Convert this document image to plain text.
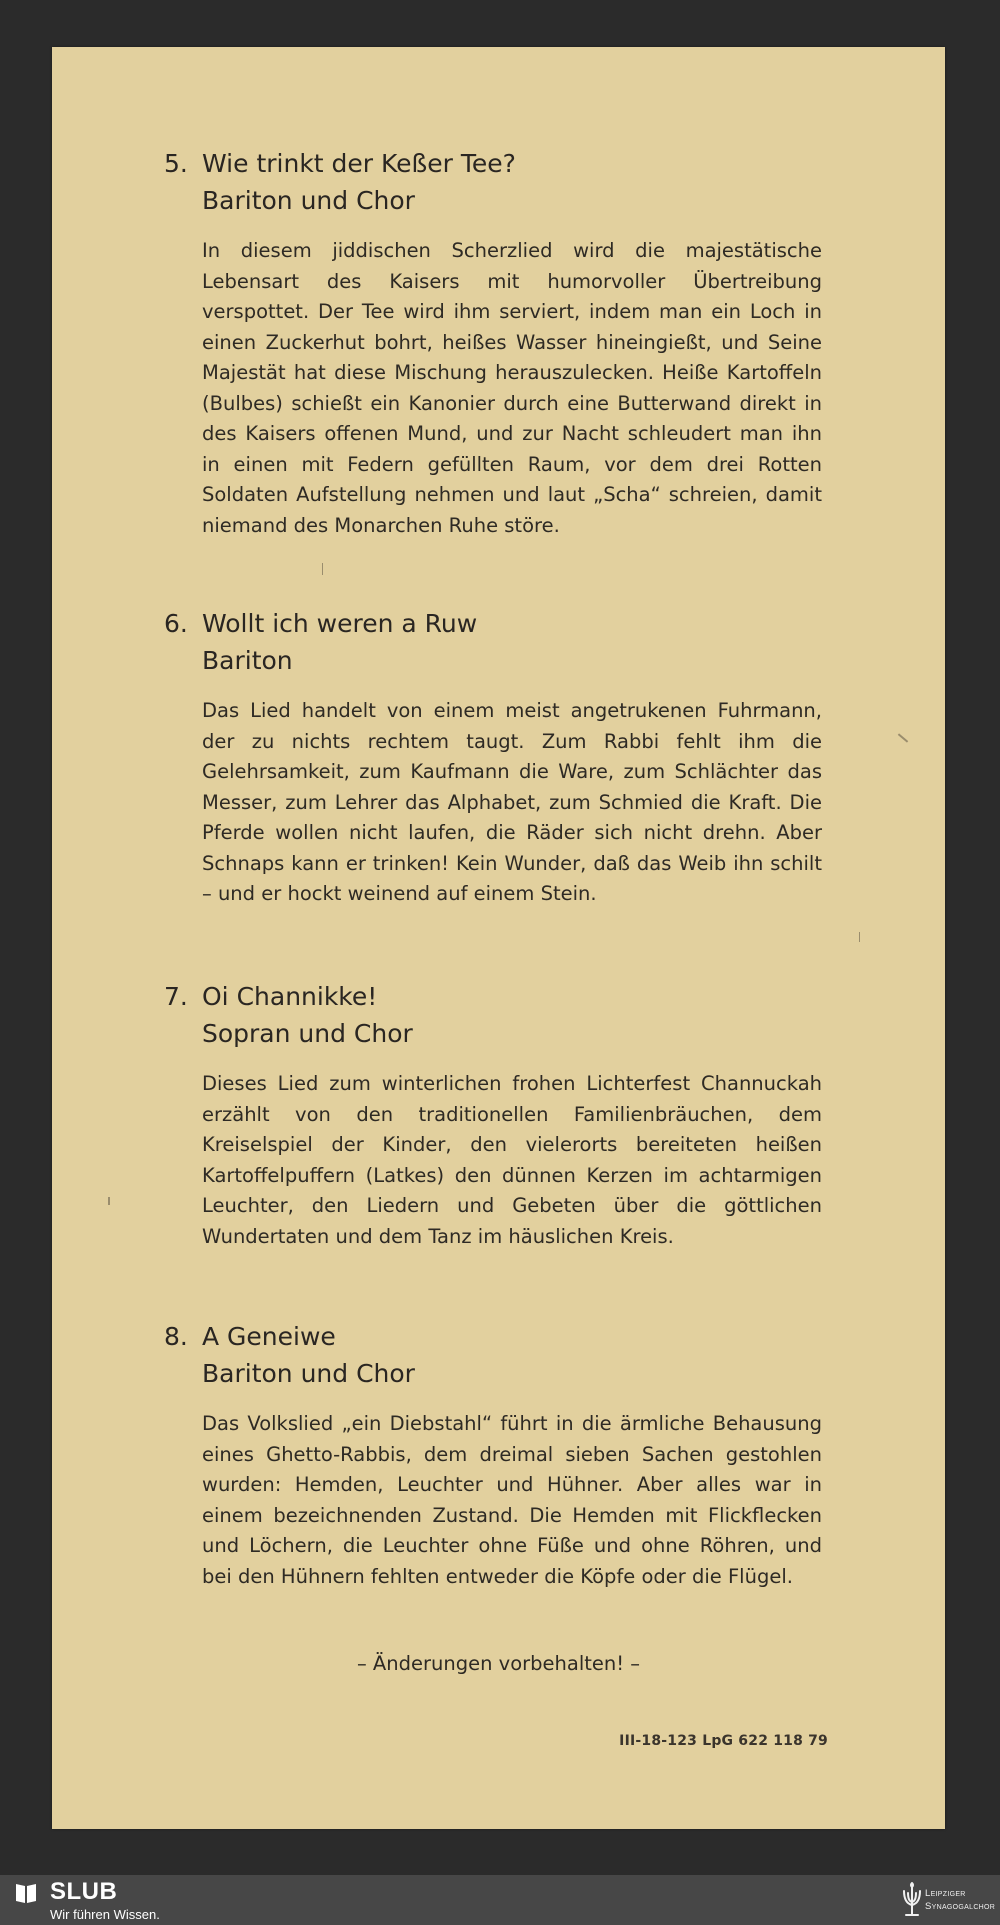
5. Wie trinkt der Keßer Tee?
Bariton und Chor
In diesem jiddischen Scherzlied wird die majestätische Lebensart des Kaisers mit humorvoller Übertreibung verspottet. Der Tee wird ihm serviert, indem man ein Loch in einen Zuckerhut bohrt, heißes Wasser hineingießt, und Seine Majestät hat diese Mischung herauszulecken. Heiße Kartoffeln (Bulbes) schießt ein Kanonier durch eine Butterwand direkt in des Kaisers offenen Mund, und zur Nacht schleudert man ihn in einen mit Federn gefüllten Raum, vor dem drei Rotten Soldaten Aufstellung nehmen und laut „Scha“ schreien, damit niemand des Monarchen Ruhe störe.
6. Wollt ich weren a Ruw
Bariton
Das Lied handelt von einem meist angetrukenen Fuhrmann, der zu nichts rechtem taugt. Zum Rabbi fehlt ihm die Gelehrsamkeit, zum Kaufmann die Ware, zum Schlächter das Messer, zum Lehrer das Alphabet, zum Schmied die Kraft. Die Pferde wollen nicht laufen, die Räder sich nicht drehn. Aber Schnaps kann er trinken! Kein Wunder, daß das Weib ihn schilt – und er hockt weinend auf einem Stein.
7. Oi Channikke!
Sopran und Chor
Dieses Lied zum winterlichen frohen Lichterfest Channuckah erzählt von den traditionellen Familienbräuchen, dem Kreiselspiel der Kinder, den vielerorts bereiteten heißen Kartoffelpuffern (Latkes) den dünnen Kerzen im achtarmigen Leuchter, den Liedern und Gebeten über die göttlichen Wundertaten und dem Tanz im häuslichen Kreis.
8. A Geneiwe
Bariton und Chor
Das Volkslied „ein Diebstahl“ führt in die ärmliche Behausung eines Ghetto-Rabbis, dem dreimal sieben Sachen gestohlen wurden: Hemden, Leuchter und Hühner. Aber alles war in einem bezeichnenden Zustand. Die Hemden mit Flickflecken und Löchern, die Leuchter ohne Füße und ohne Röhren, und bei den Hühnern fehlten entweder die Köpfe oder die Flügel.
– Änderungen vorbehalten! –
III-18-123 LpG 622 118 79
SLUB
Wir führen Wissen.
Leipziger
Synagogalchor
